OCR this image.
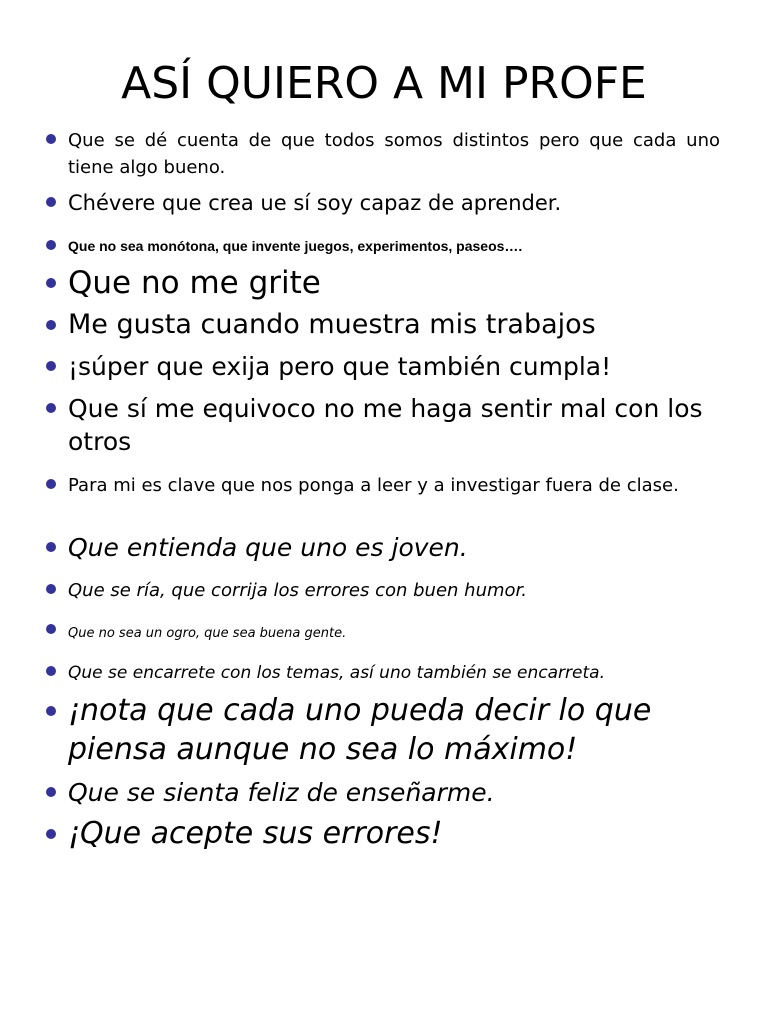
ASÍ QUIERO A MI PROFE
Que se dé cuenta de que todos somos distintos pero que cada uno tiene algo bueno.
Chévere que crea ue sí soy capaz de aprender.
Que no sea monótona, que invente juegos, experimentos, paseos….
Que no me grite
Me gusta cuando muestra mis trabajos
¡súper que exija pero que también cumpla!
Que sí me equivoco no me haga sentir mal con los otros
Para mi es clave que nos ponga a leer y a investigar fuera de clase.
Que entienda que uno es joven.
Que se ría, que corrija los errores con buen humor.
Que no sea un ogro, que sea buena gente.
Que se encarrete con los temas, así uno también se encarreta.
¡nota que cada uno pueda decir lo que piensa aunque no sea lo máximo!
Que se sienta feliz de enseñarme.
¡Que acepte sus errores!
